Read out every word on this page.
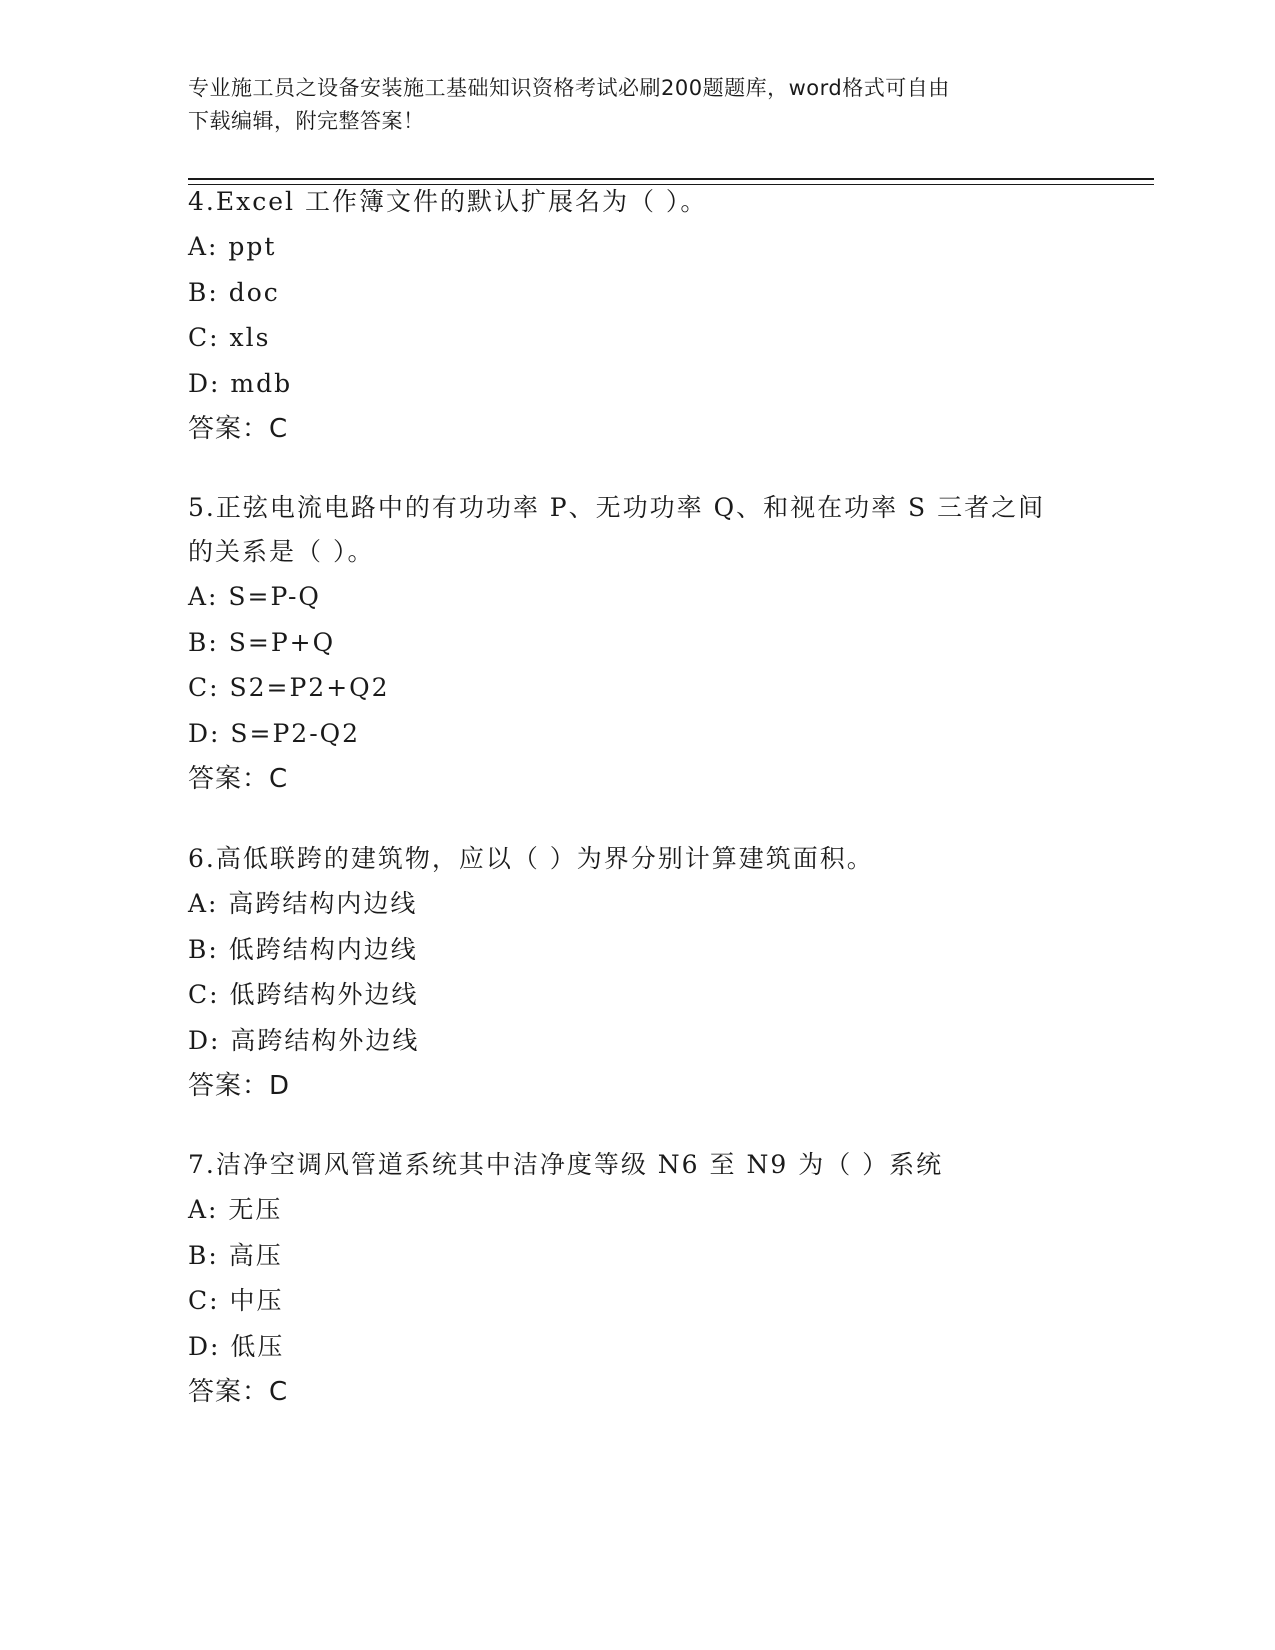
专业施工员之设备安装施工基础知识资格考试必刷200题题库，word格式可自由
下载编辑，附完整答案！
4.Excel 工作簿文件的默认扩展名为（ ）。
A: ppt
B: doc
C: xls
D: mdb
答案：C
5.正弦电流电路中的有功功率 P、无功功率 Q、和视在功率 S 三者之间
的关系是（ ）。
A: S=P-Q
B: S=P+Q
C: S2=P2+Q2
D: S=P2-Q2
答案：C
6.高低联跨的建筑物，应以（ ）为界分别计算建筑面积。
A: 高跨结构内边线
B: 低跨结构内边线
C: 低跨结构外边线
D: 高跨结构外边线
答案：D
7.洁净空调风管道系统其中洁净度等级 N6 至 N9 为（ ）系统
A: 无压
B: 高压
C: 中压
D: 低压
答案：C
